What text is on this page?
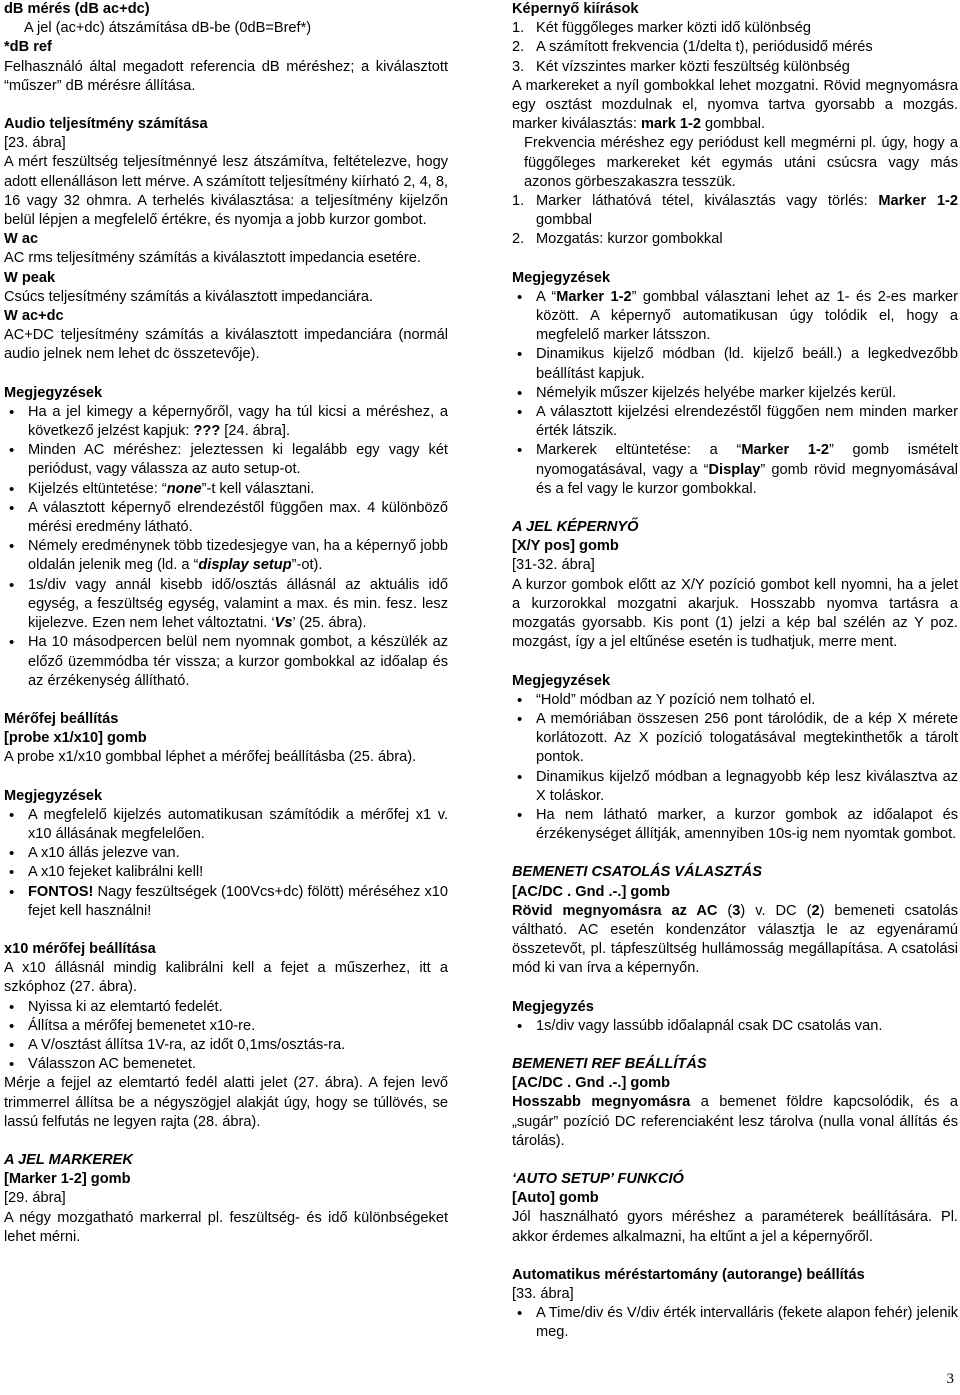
dB mérés (dB ac+dc)

A jel (ac+dc) átszámítása dB-be (0dB=Bref*)

*dB ref

Felhasználó által megadott referencia dB méréshez; a kiválasztott “műszer” dB mérésre állítása.

Audio teljesítmény számítása

[23. ábra]

A mért feszültség teljesítménnyé lesz átszámítva, feltételezve, hogy adott ellenálláson lett mérve. A számított teljesítmény kiírható 2, 4, 8, 16 vagy 32 ohmra. A terhelés kiválasztása: a teljesítmény kijelzőn belül lépjen a megfelelő értékre, és nyomja a jobb kurzor gombot.

W ac

AC rms teljesítmény számítás a kiválasztott impedancia esetére.

W peak

Csúcs teljesítmény számítás a kiválasztott impedanciára.

W ac+dc

AC+DC teljesítmény számítás a kiválasztott impedanciára (normál audio jelnek nem lehet dc összetevője).

Megjegyzések

• Ha a jel kimegy a képernyőről, vagy ha túl kicsi a méréshez, a következő jelzést kapjuk: ??? [24. ábra].
• Minden AC méréshez: jeleztessen ki legalább egy vagy két periódust, vagy válassza az auto setup-ot.
• Kijelzés eltüntetése: “none”-t kell választani.
• A választott képernyő elrendezéstől függően max. 4 különböző mérési eredmény látható.
• Némely eredménynek több tizedesjegye van, ha a képernyő jobb oldalán jelenik meg (ld. a “display setup”-ot).
• 1s/div vagy annál kisebb idő/osztás állásnál az aktuális idő egység, a feszültség egység, valamint a max. és min. fesz. lesz kijelezve. Ezen nem lehet változtatni. ‘Vs’ (25. ábra).
• Ha 10 másodpercen belül nem nyomnak gombot, a készülék az előző üzemmódba tér vissza; a kurzor gombokkal az időalap és az érzékenység állítható.

Mérőfej beállítás

[probe x1/x10] gomb

A probe x1/x10 gombbal léphet a mérőfej beállításba (25. ábra).

Megjegyzések

• A megfelelő kijelzés automatikusan számítódik a mérőfej x1 v. x10 állásának megfelelően.
• A x10 állás jelezve van.
• A x10 fejeket kalibrálni kell!
• FONTOS! Nagy feszültségek (100Vcs+dc) fölött) méréséhez x10 fejet kell használni!

x10 mérőfej beállítása

A x10 állásnál mindig kalibrálni kell a fejet a műszerhez, itt a szkóphoz (27. ábra).

• Nyissa ki az elemtartó fedelét.
• Állítsa a mérőfej bemenetet x10-re.
• A V/osztást állítsa 1V-ra, az időt 0,1ms/osztás-ra.
• Válasszon AC bemenetet.

Mérje a fejjel az elemtartó fedél alatti jelet (27. ábra). A fejen levő trimmerrel állítsa be a négyszögjel alakját úgy, hogy se túllövés, se lassú felfutás ne legyen rajta (28. ábra).

A JEL MARKEREK

[Marker 1-2] gomb

[29. ábra]

A négy mozgatható markerral pl. feszültség- és idő különbségeket lehet mérni.

Képernyő kiírások

1. Két függőleges marker közti idő különbség
2. A számított frekvencia (1/delta t), periódusidő mérés
3. Két vízszintes marker közti feszültség különbség

A markereket a nyíl gombokkal lehet mozgatni. Rövid megnyomásra egy osztást mozdulnak el, nyomva tartva gyorsabb a mozgás. marker kiválasztás: mark 1-2 gombbal.

Frekvencia méréshez egy periódust kell megmérni pl. úgy, hogy a függőleges markereket két egymás utáni csúcsra vagy más azonos görbeszakaszra tesszük.

1. Marker láthatóvá tétel, kiválasztás vagy törlés: Marker 1-2 gombbal
2. Mozgatás: kurzor gombokkal

Megjegyzések

• A “Marker 1-2” gombbal választani lehet az 1- és 2-es marker között. A képernyő automatikusan úgy tolódik el, hogy a megfelelő marker látsszon.
• Dinamikus kijelző módban (ld. kijelző beáll.) a legkedvezőbb beállítást kapjuk.
• Némelyik műszer kijelzés helyébe marker kijelzés kerül.
• A választott kijelzési elrendezéstől függően nem minden marker érték látszik.
• Markerek eltüntetése: a “Marker 1-2” gomb ismételt nyomogatásával, vagy a “Display” gomb rövid megnyomásával és a fel vagy le kurzor gombokkal.

A JEL KÉPERNYŐ

[X/Y pos] gomb

[31-32. ábra]

A kurzor gombok előtt az X/Y pozíció gombot kell nyomni, ha a jelet a kurzorokkal mozgatni akarjuk. Hosszabb nyomva tartásra a mozgatás gyorsabb. Kis pont (1) jelzi a kép bal szélén az Y poz. mozgást, így a jel eltűnése esetén is tudhatjuk, merre ment.

Megjegyzések

• “Hold” módban az Y pozíció nem tolható el.
• A memóriában összesen 256 pont tárolódik, de a kép X mérete korlátozott. Az X pozíció tologatásával megtekinthetők a tárolt pontok.
• Dinamikus kijelző módban a legnagyobb kép lesz kiválasztva az X toláskor.
• Ha nem látható marker, a kurzor gombok az időalapot és érzékenységet állítják, amennyiben 10s-ig nem nyomtak gombot.

BEMENETI CSATOLÁS VÁLASZTÁS

[AC/DC . Gnd .-.] gomb

Rövid megnyomásra az AC (3) v. DC (2) bemeneti csatolás váltható. AC esetén kondenzátor választja le az egyenáramú összetevőt, pl. tápfeszültség hullámosság megállapítása. A csatolási mód ki van írva a képernyőn.

Megjegyzés

• 1s/div vagy lassúbb időalapnál csak DC csatolás van.

BEMENETI REF BEÁLLÍTÁS

[AC/DC . Gnd .-.] gomb

Hosszabb megnyomásra a bemenet földre kapcsolódik, és a „sugár” pozíció DC referenciaként lesz tárolva (nulla vonal állítás és tárolás).

‘AUTO SETUP’ FUNKCIÓ

[Auto] gomb

Jól használható gyors méréshez a paraméterek beállítására. Pl. akkor érdemes alkalmazni, ha eltűnt a jel a képernyőről.

Automatikus méréstartomány (autorange) beállítás

[33. ábra]

• A Time/div és V/div érték intervalláris (fekete alapon fehér) jelenik meg.
3
